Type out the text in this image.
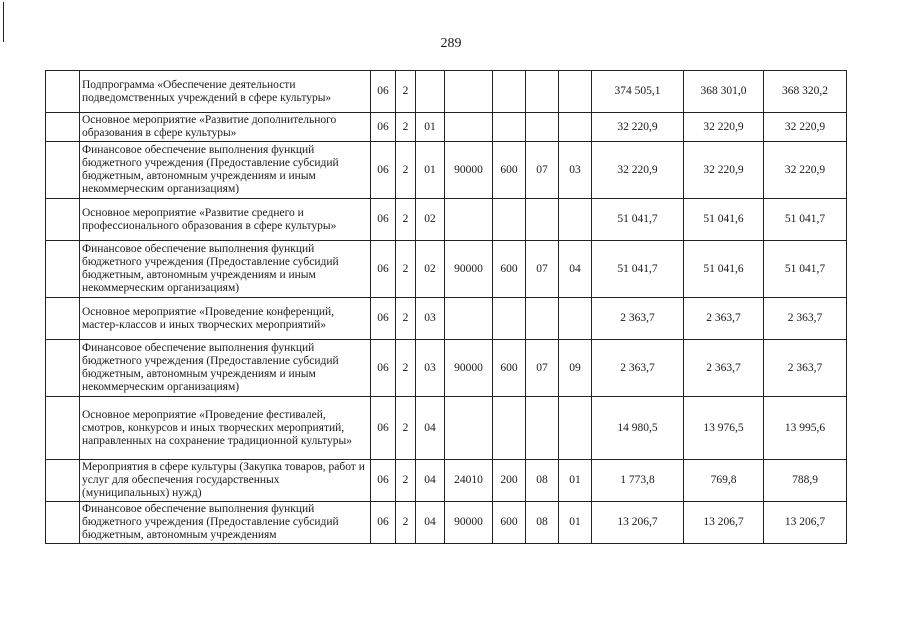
289
	Подпрограмма «Обеспечение деятельности подведомственных учреждений в сфере культуры»	06	2						374 505,1	368 301,0	368 320,2
	Основное мероприятие «Развитие дополнительного образования в сфере культуры»	06	2	01					32 220,9	32 220,9	32 220,9
	Финансовое обеспечение выполнения функций бюджетного учреждения (Предоставление субсидий бюджетным, автономным учреждениям и иным некоммерческим организациям)	06	2	01	90000	600	07	03	32 220,9	32 220,9	32 220,9
	Основное мероприятие «Развитие среднего и профессионального образования в сфере культуры»	06	2	02					51 041,7	51 041,6	51 041,7
	Финансовое обеспечение выполнения функций бюджетного учреждения (Предоставление субсидий бюджетным, автономным учреждениям и иным некоммерческим организациям)	06	2	02	90000	600	07	04	51 041,7	51 041,6	51 041,7
	Основное мероприятие «Проведение конференций, мастер-классов и иных творческих мероприятий»	06	2	03					2 363,7	2 363,7	2 363,7
	Финансовое обеспечение выполнения функций бюджетного учреждения (Предоставление субсидий бюджетным, автономным учреждениям и иным некоммерческим организациям)	06	2	03	90000	600	07	09	2 363,7	2 363,7	2 363,7
	Основное мероприятие «Проведение фестивалей, смотров, конкурсов и иных творческих мероприятий, направленных на сохранение традиционной культуры»	06	2	04					14 980,5	13 976,5	13 995,6
	Мероприятия в сфере культуры (Закупка товаров, работ и услуг для обеспечения государственных (муниципальных) нужд)	06	2	04	24010	200	08	01	1 773,8	769,8	788,9
	Финансовое обеспечение выполнения функций бюджетного учреждения (Предоставление субсидий бюджетным, автономным учреждениям	06	2	04	90000	600	08	01	13 206,7	13 206,7	13 206,7
